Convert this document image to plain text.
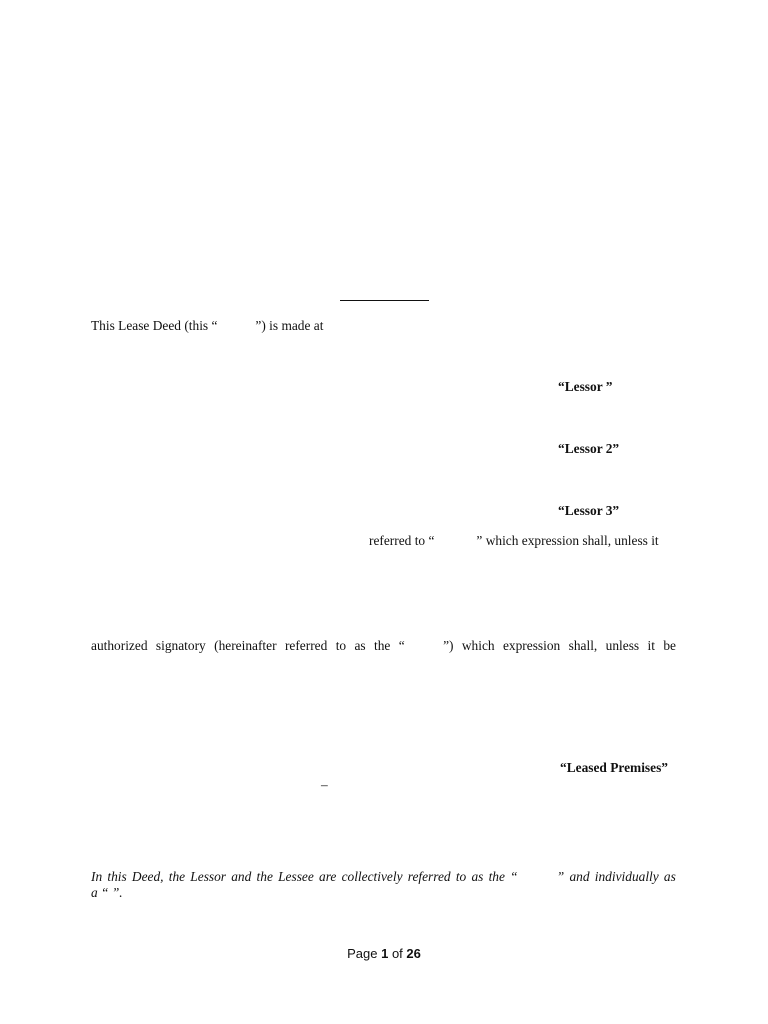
This Lease Deed (this “	”) is made at
“Lessor ”
“Lessor 2”
“Lessor 3”
referred to “	” which expression shall, unless it
authorized signatory (hereinafter referred to as the “	”) which expression shall, unless it be
“Leased Premises”
–
In this Deed, the Lessor and the Lessee are collectively referred to as the “	” and individually as
a “ ”.
Page 1 of 26
